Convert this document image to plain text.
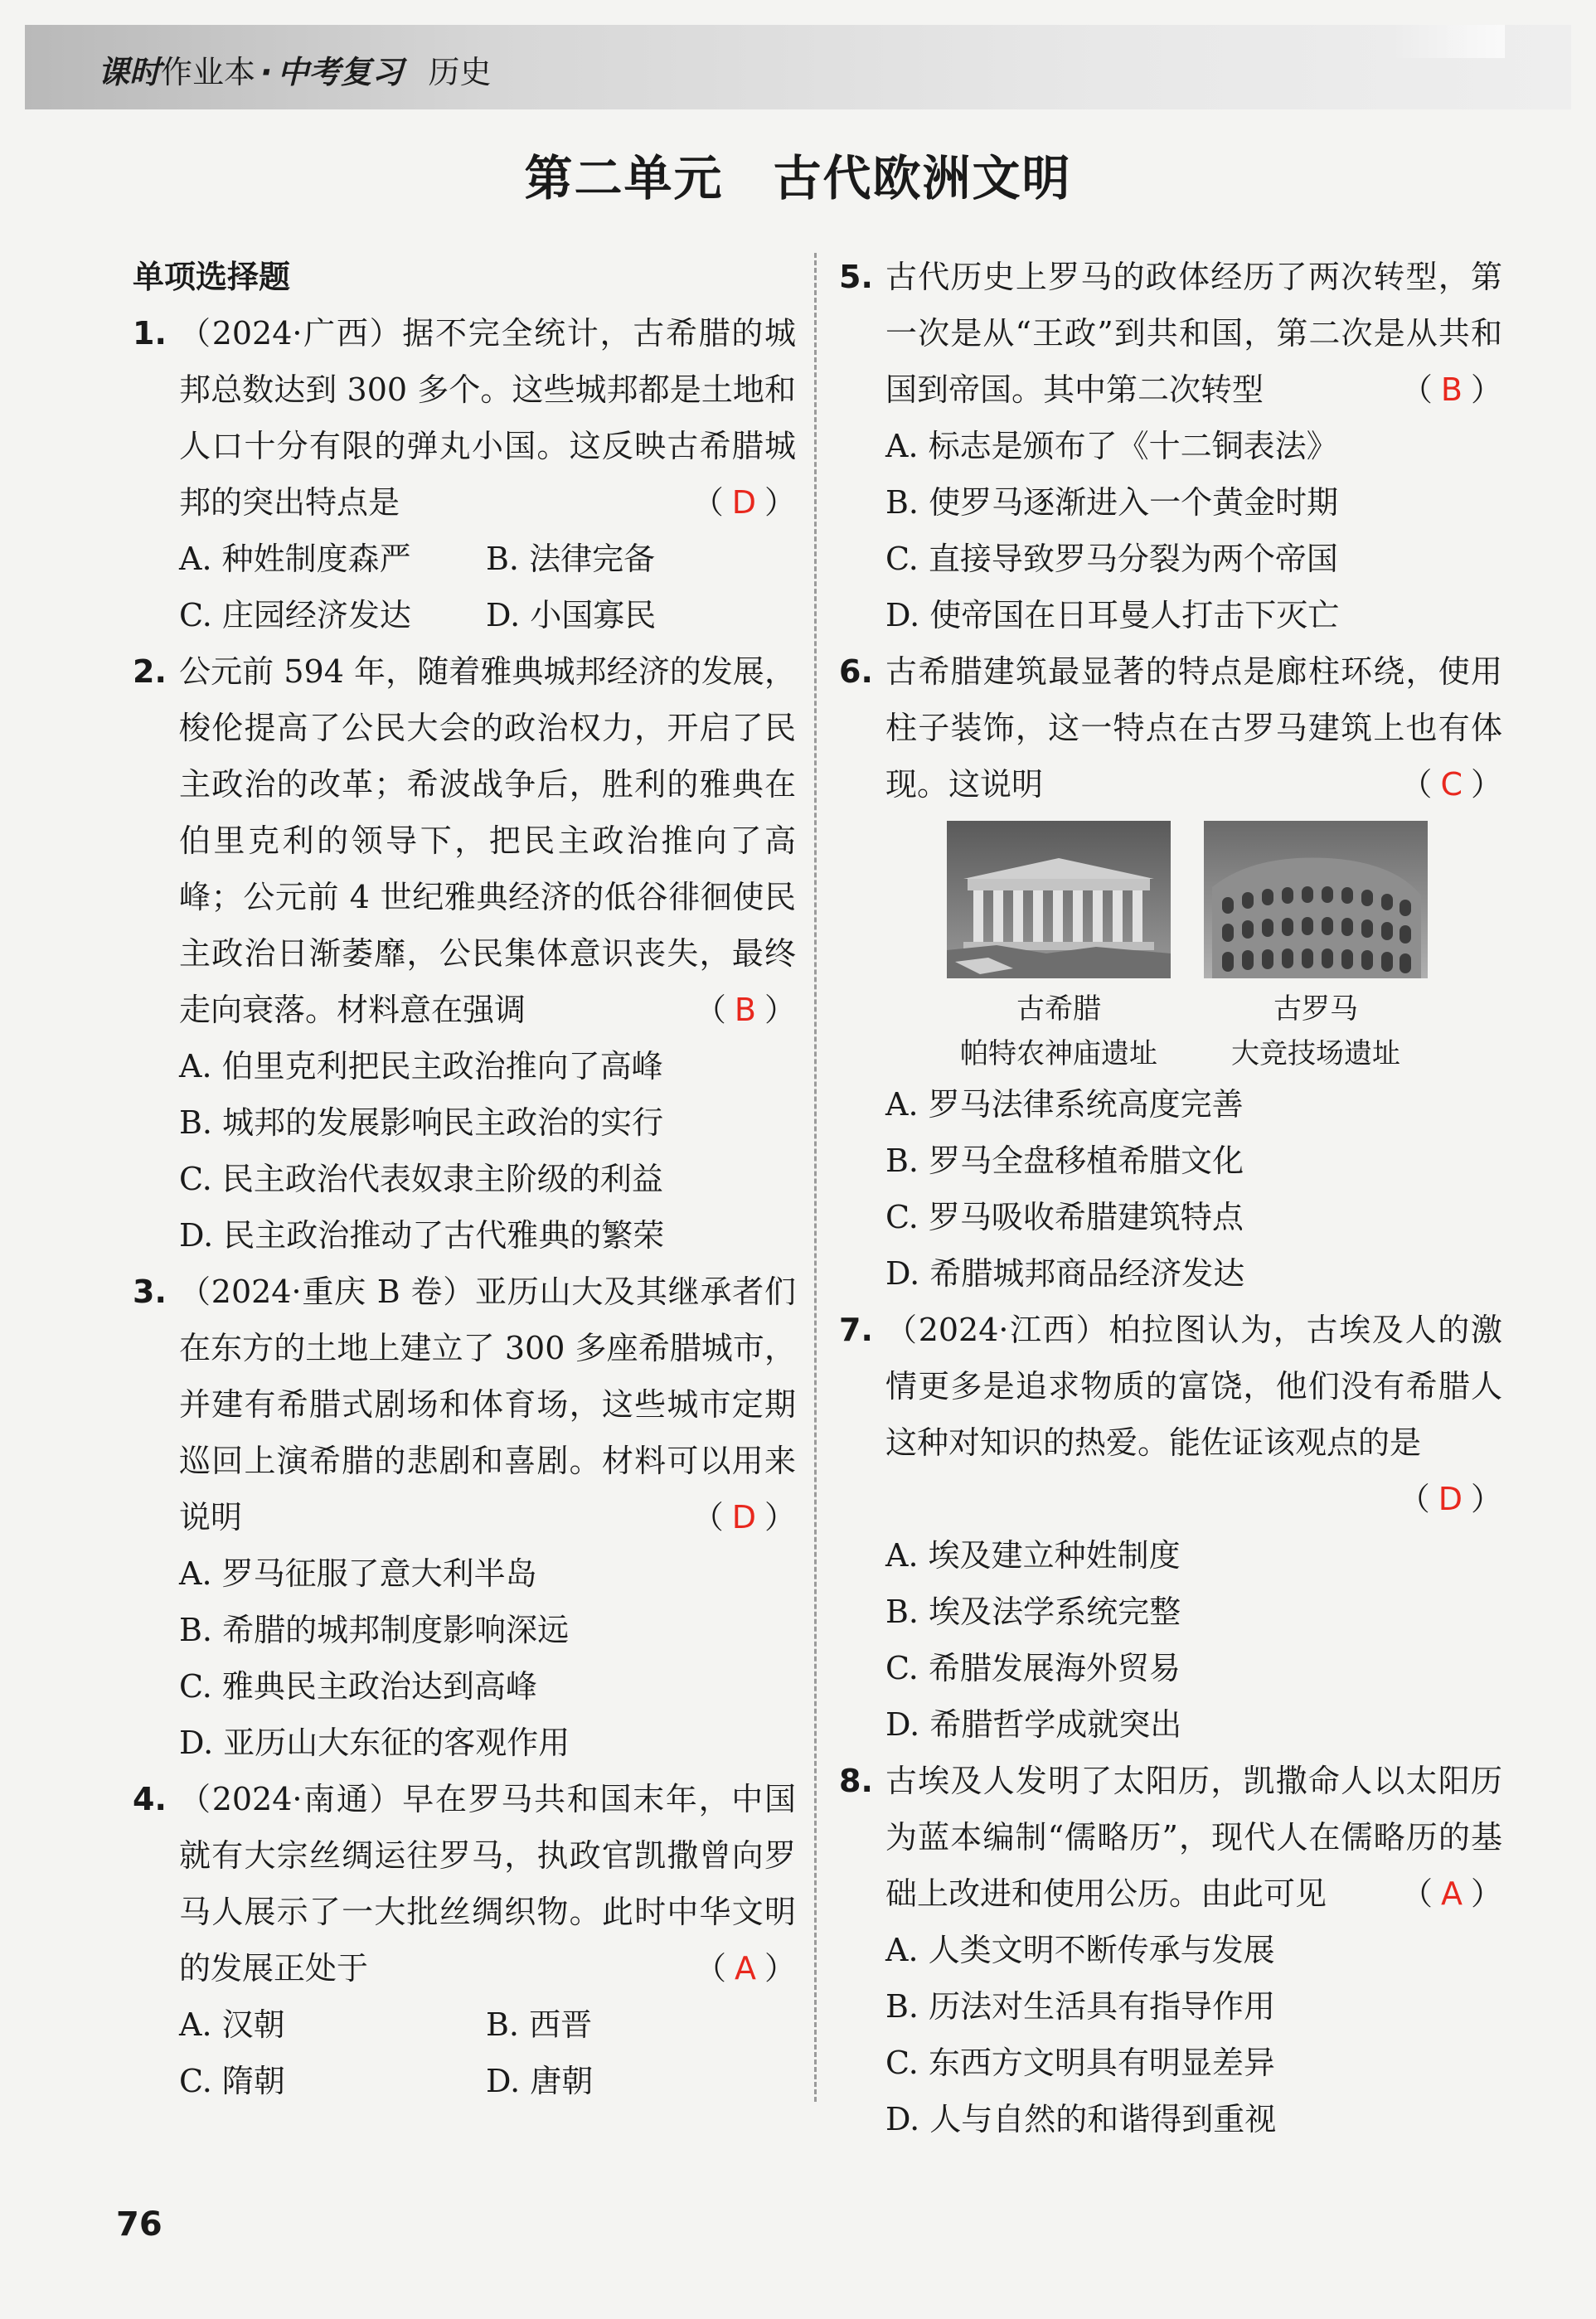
课时作业本 · 中考复习 历史
第二单元 古代欧洲文明
单项选择题
1. （2024·广西）据不完全统计，古希腊的城邦总数达到 300 多个。这些城邦都是土地和人口十分有限的弹丸小国。这反映古希腊城邦的突出特点是	（ D ）
A. 种姓制度森严	B. 法律完备
C. 庄园经济发达	D. 小国寡民
2. 公元前 594 年，随着雅典城邦经济的发展，梭伦提高了公民大会的政治权力，开启了民主政治的改革；希波战争后，胜利的雅典在伯里克利的领导下，把民主政治推向了高峰；公元前 4 世纪雅典经济的低谷徘徊使民主政治日渐萎靡，公民集体意识丧失，最终走向衰落。材料意在强调	（ B ）
A. 伯里克利把民主政治推向了高峰
B. 城邦的发展影响民主政治的实行
C. 民主政治代表奴隶主阶级的利益
D. 民主政治推动了古代雅典的繁荣
3. （2024·重庆 B 卷）亚历山大及其继承者们在东方的土地上建立了 300 多座希腊城市，并建有希腊式剧场和体育场，这些城市定期巡回上演希腊的悲剧和喜剧。材料可以用来说明	（ D ）
A. 罗马征服了意大利半岛
B. 希腊的城邦制度影响深远
C. 雅典民主政治达到高峰
D. 亚历山大东征的客观作用
4. （2024·南通）早在罗马共和国末年，中国就有大宗丝绸运往罗马，执政官凯撒曾向罗马人展示了一大批丝绸织物。此时中华文明的发展正处于	（ A ）
A. 汉朝	B. 西晋
C. 隋朝	D. 唐朝
5. 古代历史上罗马的政体经历了两次转型，第一次是从“王政”到共和国，第二次是从共和国到帝国。其中第二次转型	（ B ）
A. 标志是颁布了《十二铜表法》
B. 使罗马逐渐进入一个黄金时期
C. 直接导致罗马分裂为两个帝国
D. 使帝国在日耳曼人打击下灭亡
6. 古希腊建筑最显著的特点是廊柱环绕，使用柱子装饰，这一特点在古罗马建筑上也有体现。这说明	（ C ）
古希腊
帕特农神庙遗址
古罗马
大竞技场遗址
A. 罗马法律系统高度完善
B. 罗马全盘移植希腊文化
C. 罗马吸收希腊建筑特点
D. 希腊城邦商品经济发达
7. （2024·江西）柏拉图认为，古埃及人的激情更多是追求物质的富饶，他们没有希腊人这种对知识的热爱。能佐证该观点的是
（ D ）
A. 埃及建立种姓制度
B. 埃及法学系统完整
C. 希腊发展海外贸易
D. 希腊哲学成就突出
8. 古埃及人发明了太阳历，凯撒命人以太阳历为蓝本编制“儒略历”，现代人在儒略历的基础上改进和使用公历。由此可见 （ A ）
A. 人类文明不断传承与发展
B. 历法对生活具有指导作用
C. 东西方文明具有明显差异
D. 人与自然的和谐得到重视
76
